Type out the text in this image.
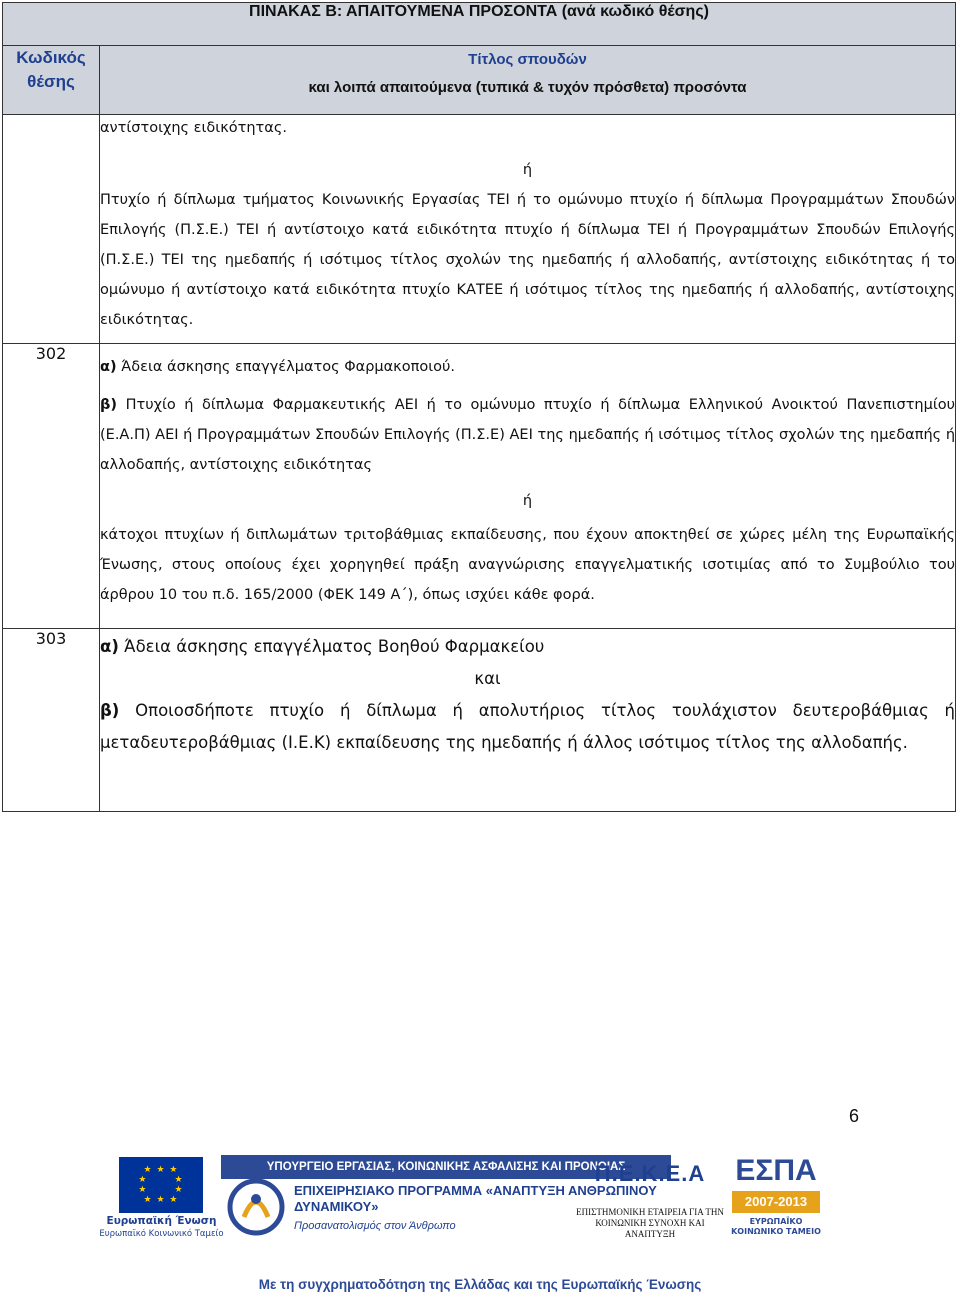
ΠΙΝΑΚΑΣ Β: ΑΠΑΙΤΟΥΜΕΝΑ ΠΡΟΣΟΝΤΑ (ανά κωδικό θέσης)	
Κωδικός θέσης	Τίτλος σπουδών
και λοιπά απαιτούμενα (τυπικά & τυχόν πρόσθετα) προσόντα

	αντίστοιχης ειδικότητας.

ή

Πτυχίο ή δίπλωμα τμήματος Κοινωνικής Εργασίας ΤΕΙ ή το ομώνυμο πτυχίο ή δίπλωμα Προγραμμάτων Σπουδών Επιλογής (Π.Σ.Ε.) ΤΕΙ ή αντίστοιχο κατά ειδικότητα πτυχίο ή δίπλωμα ΤΕΙ ή Προγραμμάτων Σπουδών Επιλογής (Π.Σ.Ε.) ΤΕΙ της ημεδαπής ή ισότιμος τίτλος σχολών της ημεδαπής ή αλλοδαπής, αντίστοιχης ειδικότητας ή το ομώνυμο ή αντίστοιχο κατά ειδικότητα πτυχίο ΚΑΤΕΕ ή ισότιμος τίτλος της ημεδαπής ή αλλοδαπής, αντίστοιχης ειδικότητας.

302	α) Άδεια άσκησης επαγγέλματος Φαρμακοποιού.

β) Πτυχίο ή δίπλωμα Φαρμακευτικής ΑΕΙ ή το ομώνυμο πτυχίο ή δίπλωμα Ελληνικού Ανοικτού Πανεπιστημίου (Ε.Α.Π) ΑΕΙ ή Προγραμμάτων Σπουδών Επιλογής (Π.Σ.Ε) ΑΕΙ της ημεδαπής ή ισότιμος τίτλος σχολών της ημεδαπής ή αλλοδαπής, αντίστοιχης ειδικότητας

ή

κάτοχοι πτυχίων ή διπλωμάτων τριτοβάθμιας εκπαίδευσης, που έχουν αποκτηθεί σε χώρες μέλη της Ευρωπαϊκής Ένωσης, στους οποίους έχει χορηγηθεί πράξη αναγνώρισης επαγγελματικής ισοτιμίας από το Συμβούλιο του άρθρου 10 του π.δ. 165/2000 (ΦΕΚ 149 Α΄), όπως ισχύει κάθε φορά.

303	α) Άδεια άσκησης επαγγέλματος Βοηθού Φαρμακείου

και

β) Οποιοσδήποτε πτυχίο ή δίπλωμα ή απολυτήριος τίτλος τουλάχιστον δευτεροβάθμιας ή μεταδευτεροβάθμιας (Ι.Ε.Κ) εκπαίδευσης της ημεδαπής ή άλλος ισότιμος τίτλος της αλλοδαπής.

6
★ ★ ★
★       ★
★       ★
★ ★ ★
Ευρωπαϊκή Ένωση
Ευρωπαϊκό Κοινωνικό Ταμείο
ΥΠΟΥΡΓΕΙΟ ΕΡΓΑΣΙΑΣ, ΚΟΙΝΩΝΙΚΗΣ ΑΣΦΑΛΙΣΗΣ ΚΑΙ ΠΡΟΝΟΙΑΣ
ΕΠΙΧΕΙΡΗΣΙΑΚΟ ΠΡΟΓΡΑΜΜΑ «ΑΝΑΠΤΥΞΗ ΑΝΘΡΩΠΙΝΟΥ ΔΥΝΑΜΙΚΟΥ»
Προσανατολισμός στον Άνθρωπο
Π.Ε.Κ.Ε.Α
ΕΠΙΣΤΗΜΟΝΙΚΗ ΕΤΑΙΡΕΙΑ ΓΙΑ ΤΗΝ ΚΟΙΝΩΝΙΚΗ ΣΥΝΟΧΗ ΚΑΙ ΑΝΑΠΤΥΞΗ
ΕΣΠΑ
2007-2013
ΕΥΡΩΠΑΪΚΟ ΚΟΙΝΩΝΙΚΟ ΤΑΜΕΙΟ
Με τη συγχρηματοδότηση της Ελλάδας και της Ευρωπαϊκής Ένωσης
